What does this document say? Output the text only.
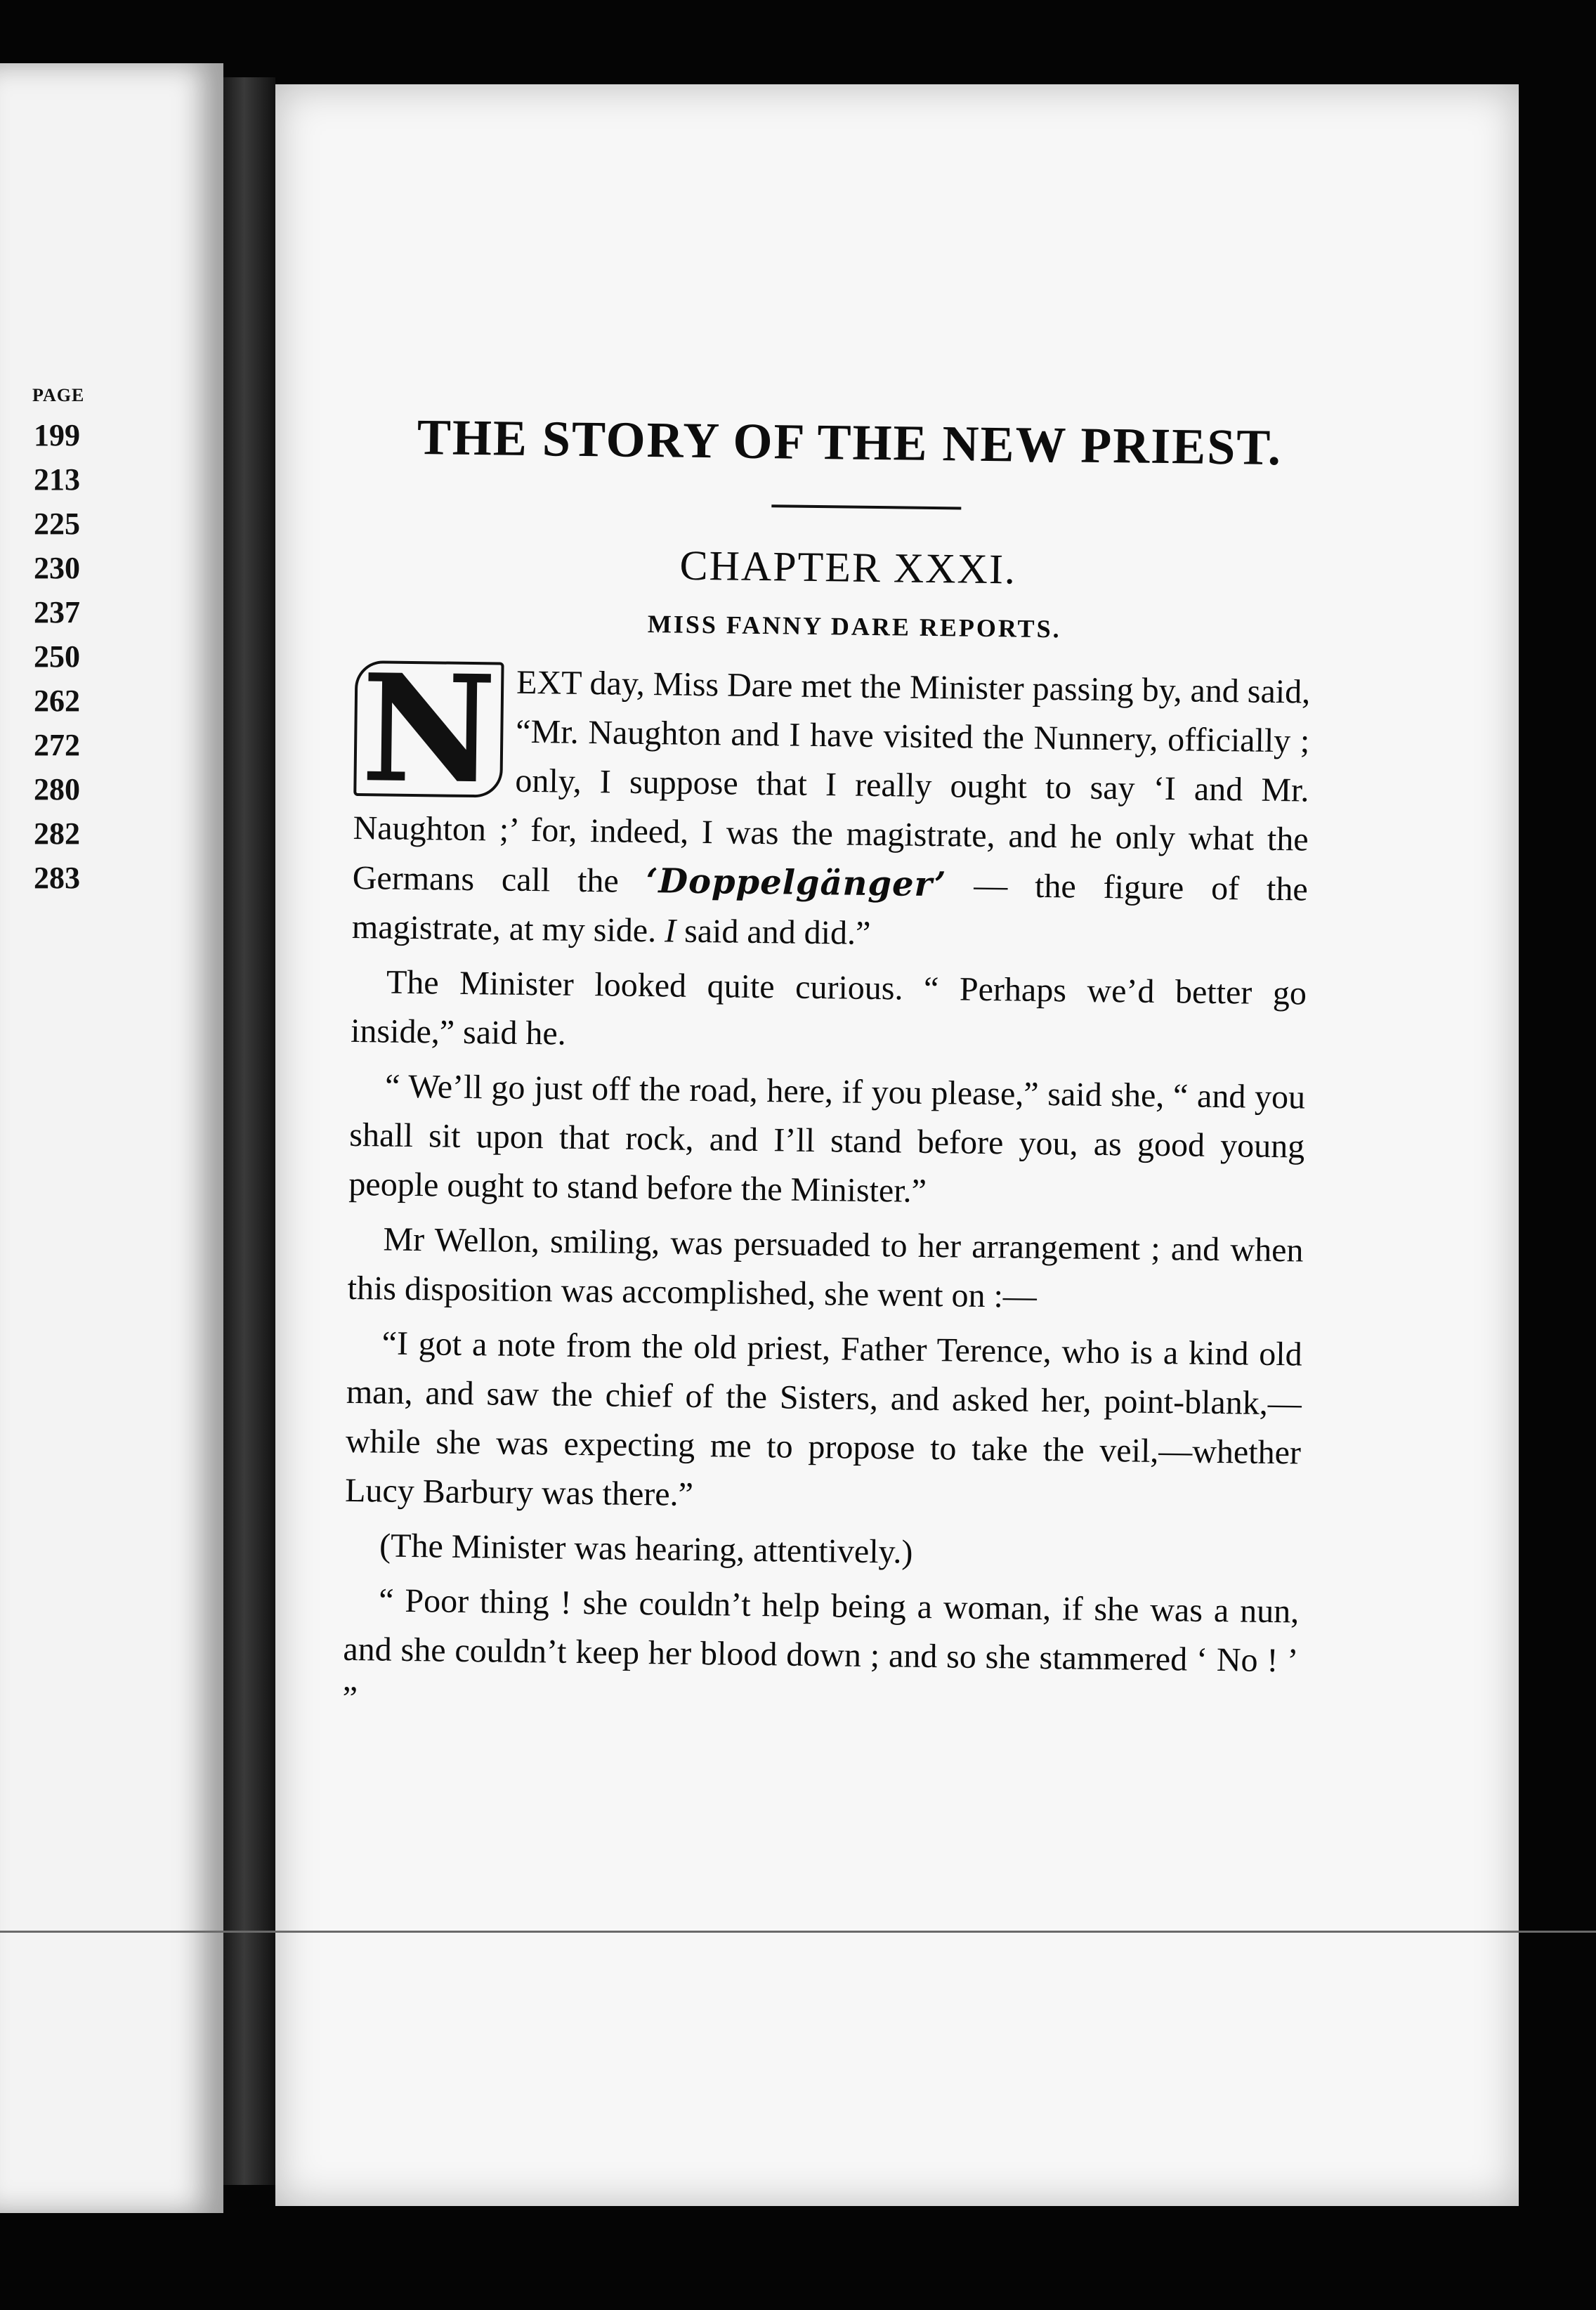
PAGE
199
213
225
230
237
250
262
272
280
282
283
THE STORY OF THE NEW PRIEST.
CHAPTER XXXI.
MISS FANNY DARE REPORTS.

N EXT day, Miss Dare met the Minister passing by, and said, “Mr. Naughton and I have visited the Nunnery, officially ; only, I suppose that I really ought to say ‘I and Mr. Naughton ;’ for, indeed, I was the magistrate, and he only what the Germans call the ‘Doppelgänger’ — the figure of the magistrate, at my side. I said and did.”

The Minister looked quite curious. “ Perhaps we’d better go inside,” said he.

“ We’ll go just off the road, here, if you please,” said she, “ and you shall sit upon that rock, and I’ll stand before you, as good young people ought to stand before the Minister.”

Mr Wellon, smiling, was persuaded to her arrangement ; and when this disposition was accomplished, she went on :—

“I got a note from the old priest, Father Terence, who is a kind old man, and saw the chief of the Sisters, and asked her, point-blank,—while she was expecting me to propose to take the veil,—whether Lucy Barbury was there.”

(The Minister was hearing, attentively.)

“ Poor thing ! she couldn’t help being a woman, if she was a nun, and she couldn’t keep her blood down ; and so she stammered ‘ No ! ’ ”
